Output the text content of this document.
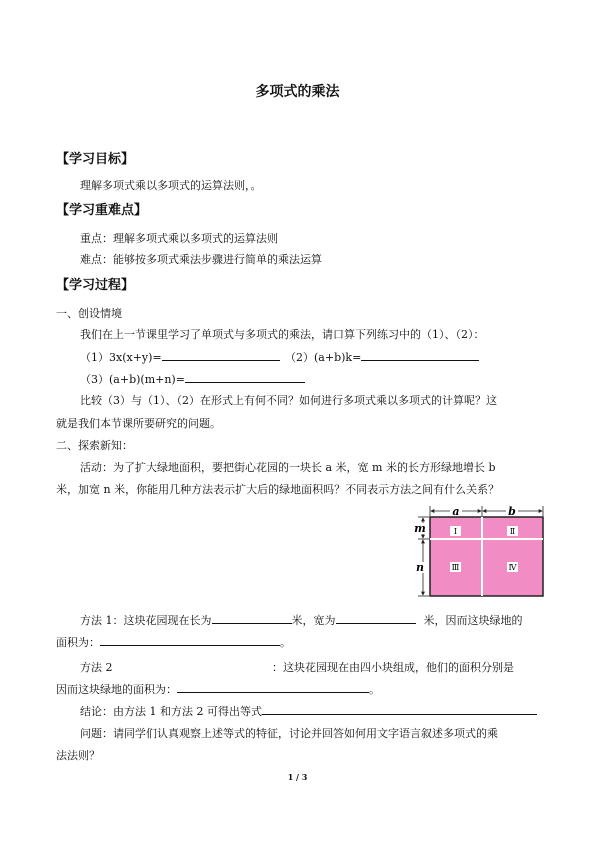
多项式的乘法
【学习目标】
理解多项式乘以多项式的运算法则，。
【学习重难点】
重点：理解多项式乘以多项式的运算法则
难点：能够按多项式乘法步骤进行简单的乘法运算
【学习过程】
一、创设情境
我们在上一节课里学习了单项式与多项式的乘法，请口算下列练习中的（1）、（2）：
（1）3x(x+y)=	（2）(a+b)k=
（3）(a+b)(m+n)=
比较（3）与（1）、（2）在形式上有何不同？如何进行多项式乘以多项式的计算呢？这
就是我们本节课所要研究的问题。
二、探索新知：
活动：为了扩大绿地面积，要把街心花园的一块长 a 米，宽 m 米的长方形绿地增长 b
米，加宽 n 米，你能用几种方法表示扩大后的绿地面积吗？不同表示方法之间有什么关系？
a	b
m
n
Ⅰ	Ⅱ
Ⅲ	Ⅳ
方法 1：这块花园现在长为	米，宽为	米，因而这块绿地的
面积为：	。
方法 2	：这块花园现在由四小块组成，他们的面积分别是
因而这块绿地的面积为：	。
结论：由方法 1 和方法 2 可得出等式
问题：请同学们认真观察上述等式的特征，讨论并回答如何用文字语言叙述多项式的乘
法法则？
1 / 3
